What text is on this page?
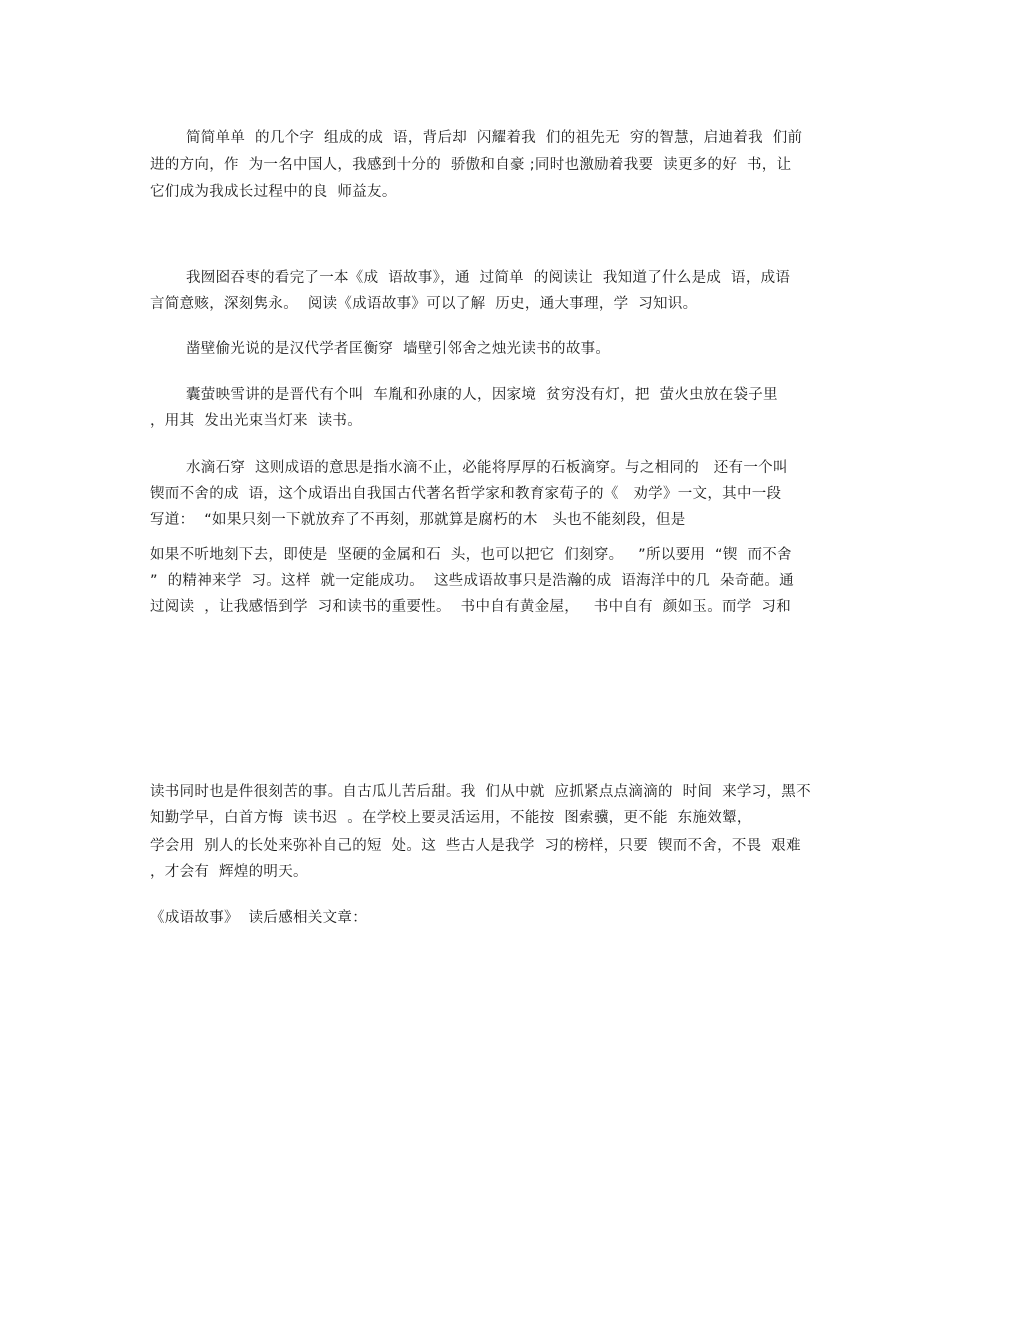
简简单单  的几个字  组成的成  语，背后却  闪耀着我  们的祖先无  穷的智慧，启迪着我  们前
进的方向，作  为一名中国人，我感到十分的  骄傲和自豪 ;同时也激励着我要  读更多的好  书，让
它们成为我成长过程中的良  师益友。
我囫囵吞枣的看完了一本《成  语故事》，通  过简单  的阅读让  我知道了什么是成  语，成语
言简意赅，深刻隽永。  阅读《成语故事》可以了解  历史，通大事理，学  习知识。
凿壁偷光说的是汉代学者匡衡穿  墙壁引邻舍之烛光读书的故事。
囊萤映雪讲的是晋代有个叫  车胤和孙康的人，因家境  贫穷没有灯，把  萤火虫放在袋子里
，用其  发出光束当灯来  读书。
水滴石穿  这则成语的意思是指水滴不止，必能将厚厚的石板滴穿。与之相同的   还有一个叫
锲而不舍的成  语，这个成语出自我国古代著名哲学家和教育家荀子的《   劝学》一文，其中一段
写道：  “如果只刻一下就放弃了不再刻，那就算是腐朽的木   头也不能刻段，但是
如果不听地刻下去，即使是  坚硬的金属和石  头，也可以把它  们刻穿。   ”所以要用  “锲  而不舍
”  的精神来学  习。这样  就一定能成功。  这些成语故事只是浩瀚的成  语海洋中的几  朵奇葩。通
过阅读  ，让我感悟到学  习和读书的重要性。  书中自有黄金屋，   书中自有  颜如玉。而学  习和
读书同时也是件很刻苦的事。自古瓜儿苦后甜。我  们从中就  应抓紧点点滴滴的  时间  来学习，黑不
知勤学早，白首方悔  读书迟  。在学校上要灵活运用，不能按  图索骥，更不能  东施效颦，
学会用  别人的长处来弥补自己的短  处。这  些古人是我学  习的榜样，只要  锲而不舍，不畏  艰难
，才会有  辉煌的明天。
《成语故事》  读后感相关文章：
